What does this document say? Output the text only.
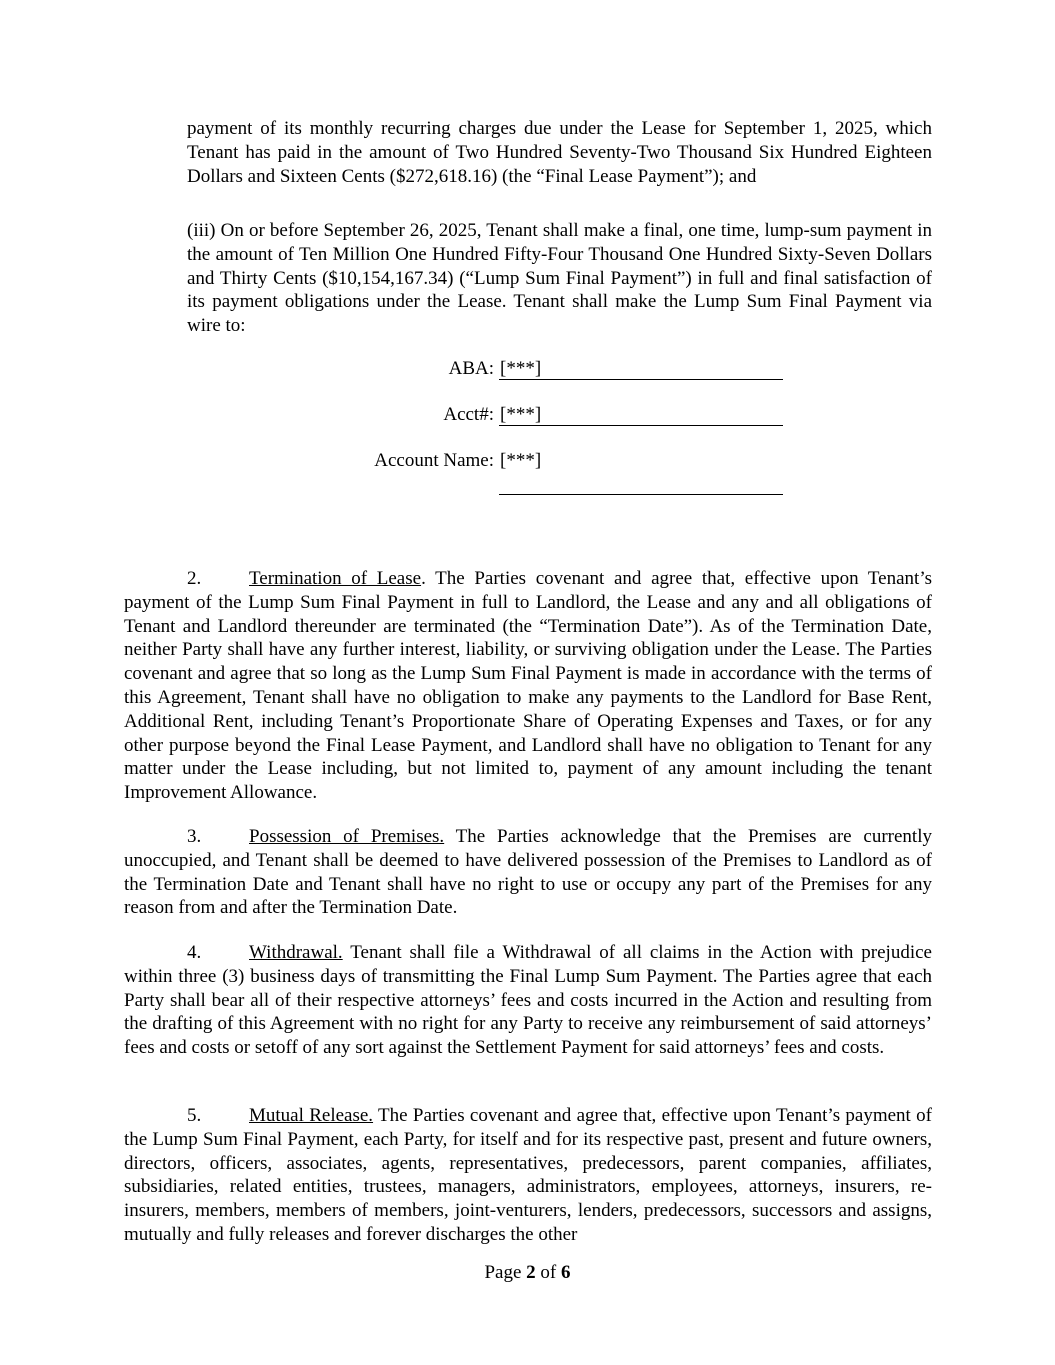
payment of its monthly recurring charges due under the Lease for September 1, 2025, which Tenant has paid in the amount of Two Hundred Seventy-Two Thousand Six Hundred Eighteen Dollars and Sixteen Cents ($272,618.16) (the “Final Lease Payment”); and

(iii) On or before September 26, 2025, Tenant shall make a final, one time, lump-sum payment in the amount of Ten Million One Hundred Fifty-Four Thousand One Hundred Sixty-Seven Dollars and Thirty Cents ($10,154,167.34) (“Lump Sum Final Payment”) in full and final satisfaction of its payment obligations under the Lease. Tenant shall make the Lump Sum Final Payment via wire to:

ABA: [***]
Acct#: [***]
Account Name: [***]

2.	Termination of Lease. The Parties covenant and agree that, effective upon Tenant’s payment of the Lump Sum Final Payment in full to Landlord, the Lease and any and all obligations of Tenant and Landlord thereunder are terminated (the “Termination Date”). As of the Termination Date, neither Party shall have any further interest, liability, or surviving obligation under the Lease. The Parties covenant and agree that so long as the Lump Sum Final Payment is made in accordance with the terms of this Agreement, Tenant shall have no obligation to make any payments to the Landlord for Base Rent, Additional Rent, including Tenant’s Proportionate Share of Operating Expenses and Taxes, or for any other purpose beyond the Final Lease Payment, and Landlord shall have no obligation to Tenant for any matter under the Lease including, but not limited to, payment of any amount including the tenant Improvement Allowance.

3.	Possession of Premises. The Parties acknowledge that the Premises are currently unoccupied, and Tenant shall be deemed to have delivered possession of the Premises to Landlord as of the Termination Date and Tenant shall have no right to use or occupy any part of the Premises for any reason from and after the Termination Date.

4.	Withdrawal. Tenant shall file a Withdrawal of all claims in the Action with prejudice within three (3) business days of transmitting the Final Lump Sum Payment. The Parties agree that each Party shall bear all of their respective attorneys’ fees and costs incurred in the Action and resulting from the drafting of this Agreement with no right for any Party to receive any reimbursement of said attorneys’ fees and costs or setoff of any sort against the Settlement Payment for said attorneys’ fees and costs.

5.	Mutual Release. The Parties covenant and agree that, effective upon Tenant’s payment of the Lump Sum Final Payment, each Party, for itself and for its respective past, present and future owners, directors, officers, associates, agents, representatives, predecessors, parent companies, affiliates, subsidiaries, related entities, trustees, managers, administrators, employees, attorneys, insurers, re-insurers, members, members of members, joint-venturers, lenders, predecessors, successors and assigns, mutually and fully releases and forever discharges the other

Page 2 of 6
